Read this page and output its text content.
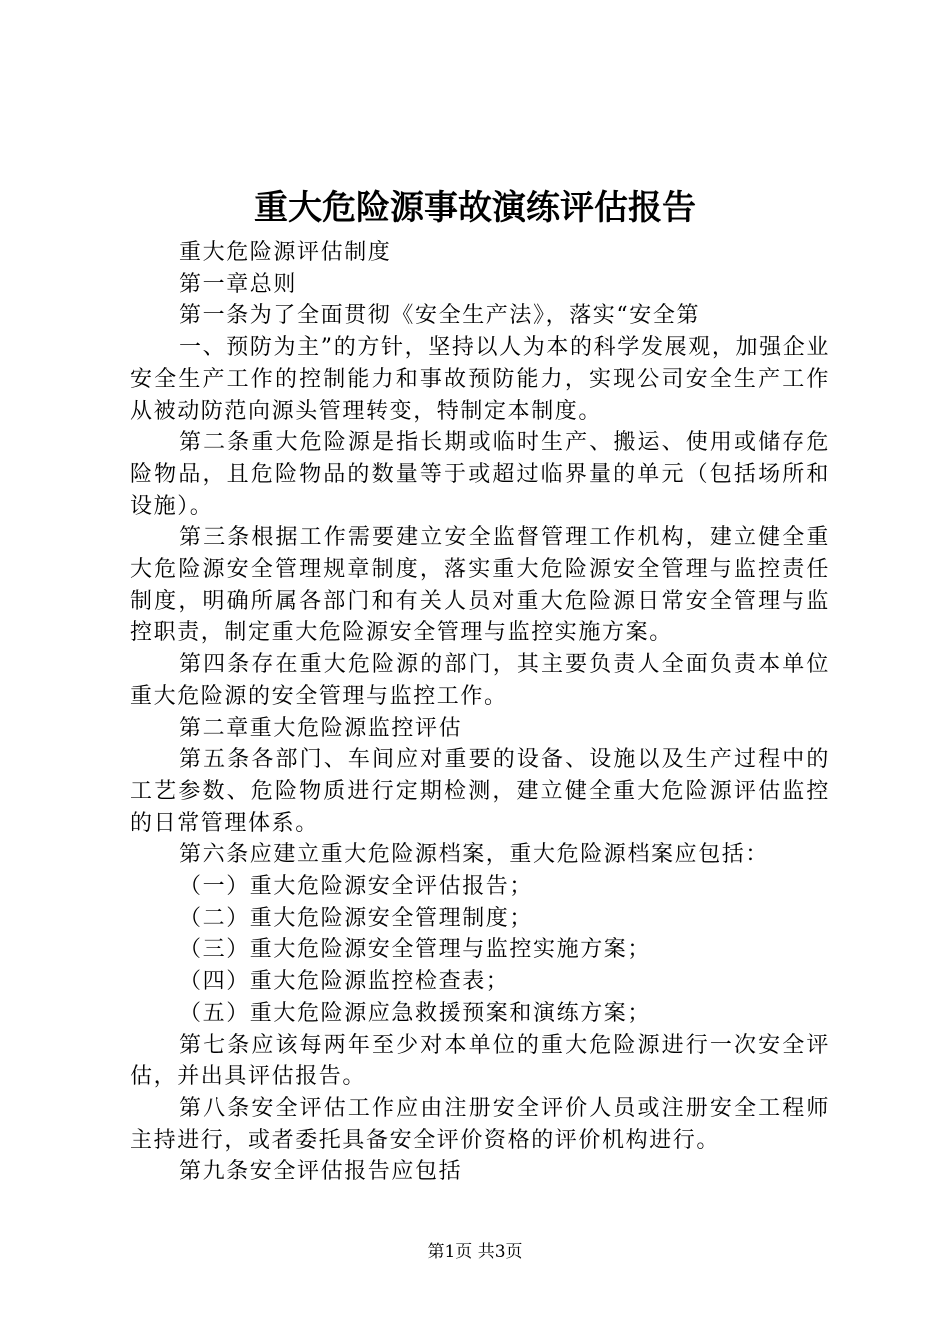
重大危险源事故演练评估报告

重大危险源评估制度

第一章总则

第一条为了全面贯彻《安全生产法》，落实“安全第

一、预防为主”的方针，坚持以人为本的科学发展观，加强企业安全生产工作的控制能力和事故预防能力，实现公司安全生产工作从被动防范向源头管理转变，特制定本制度。

第二条重大危险源是指长期或临时生产、搬运、使用或储存危险物品，且危险物品的数量等于或超过临界量的单元（包括场所和设施）。

第三条根据工作需要建立安全监督管理工作机构，建立健全重大危险源安全管理规章制度，落实重大危险源安全管理与监控责任制度，明确所属各部门和有关人员对重大危险源日常安全管理与监控职责，制定重大危险源安全管理与监控实施方案。

第四条存在重大危险源的部门，其主要负责人全面负责本单位重大危险源的安全管理与监控工作。

第二章重大危险源监控评估

第五条各部门、车间应对重要的设备、设施以及生产过程中的工艺参数、危险物质进行定期检测，建立健全重大危险源评估监控的日常管理体系。

第六条应建立重大危险源档案，重大危险源档案应包括：

（一）重大危险源安全评估报告；

（二）重大危险源安全管理制度；

（三）重大危险源安全管理与监控实施方案；

（四）重大危险源监控检查表；

（五）重大危险源应急救援预案和演练方案；

第七条应该每两年至少对本单位的重大危险源进行一次安全评估，并出具评估报告。

第八条安全评估工作应由注册安全评价人员或注册安全工程师主持进行，或者委托具备安全评价资格的评价机构进行。

第九条安全评估报告应包括

第1页 共3页
